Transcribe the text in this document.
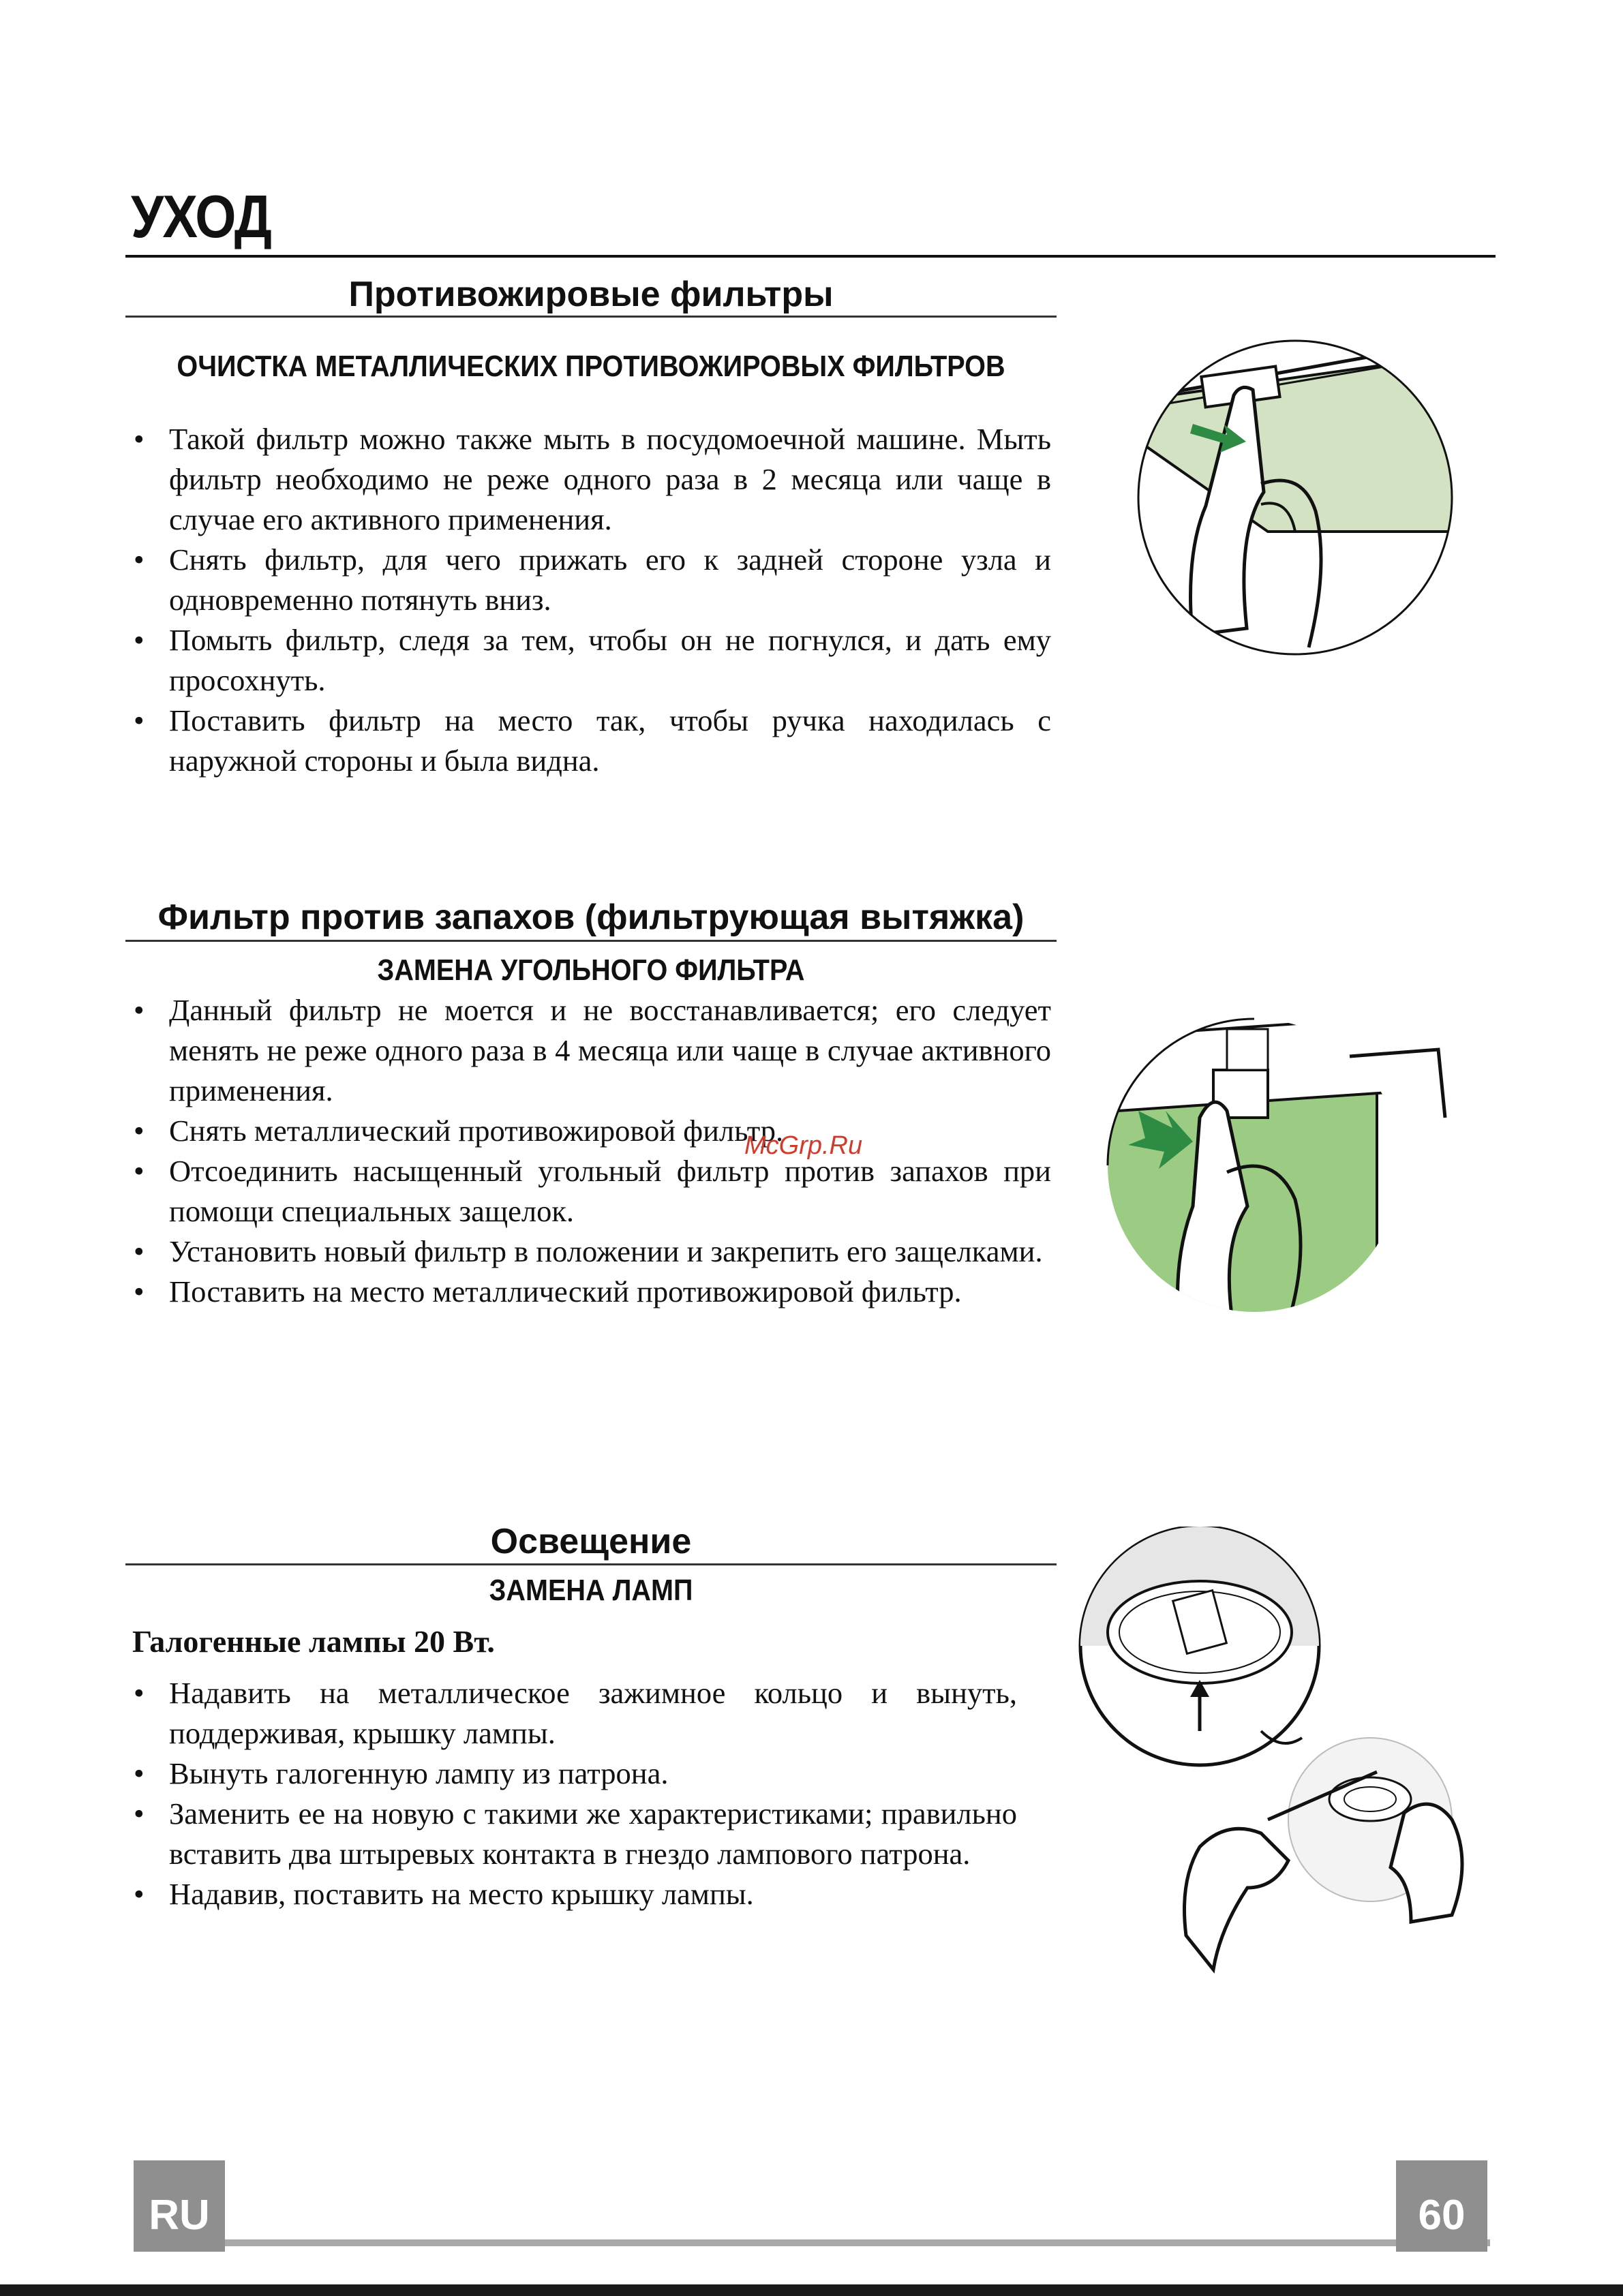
УХОД
Противожировые фильтры
ОЧИСТКА МЕТАЛЛИЧЕСКИХ ПРОТИВОЖИРОВЫХ ФИЛЬТРОВ
• Такой фильтр можно также мыть в посудомоечной машине. Мыть фильтр необходимо не реже одного раза в 2 месяца или чаще в случае его активного применения.
• Снять фильтр, для чего прижать его к задней стороне узла и одновременно потянуть вниз.
• Помыть фильтр, следя за тем, чтобы он не погнулся, и дать ему просохнуть.
• Поставить фильтр на место так, чтобы ручка находилась с наружной стороны и была видна.
Фильтр против запахов (фильтрующая вытяжка)
ЗАМЕНА УГОЛЬНОГО ФИЛЬТРА
• Данный фильтр не моется и не восстанавливается; его следует менять не реже одного раза в 4 месяца или чаще в случае активного применения.
• Снять металлический противожировой фильтр.
• Отсоединить насыщенный угольный фильтр против запахов при помощи специальных защелок.
• Установить новый фильтр в положении и закрепить его защелками.
• Поставить на место металлический противожировой фильтр.
McGrp.Ru
Освещение
ЗАМЕНА ЛАМП

Галогенные лампы 20 Вт.

• Надавить на металлическое зажимное кольцо и вынуть, поддерживая, крышку лампы.
• Вынуть галогенную лампу из патрона.
• Заменить ее на новую с такими же характеристиками; правильно вставить два штыревых контакта в гнездо лампового патрона.
• Надавив, поставить на место крышку лампы.
RU	60
